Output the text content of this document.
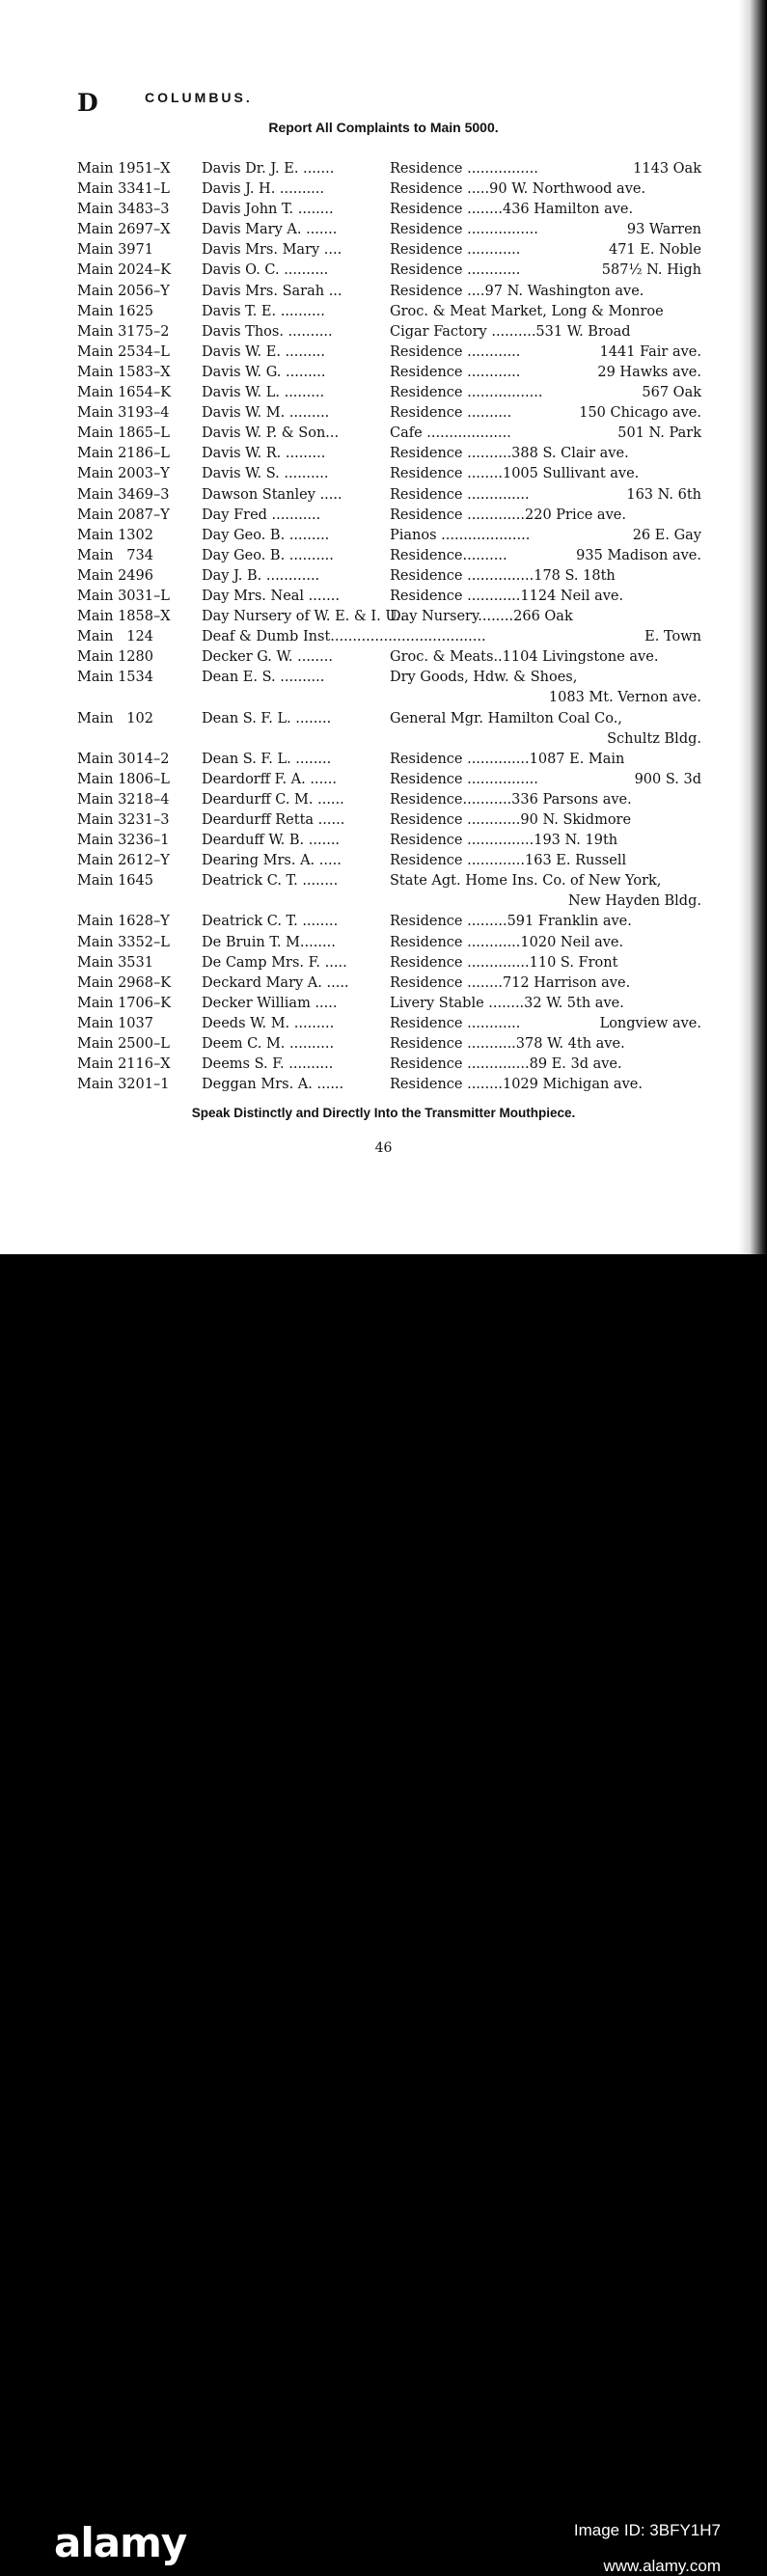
D	COLUMBUS.
Report All Complaints to Main 5000.
Main 1951–X Davis Dr. J. E. .......	Residence ................	1143 Oak
Main 3341–L Davis J. H. ..........	Residence .....90 W. Northwood ave.
Main 3483–3 Davis John T. ........	Residence ........436 Hamilton ave.
Main 2697–X Davis Mary A. .......	Residence ................	93 Warren
Main 3971	Davis Mrs. Mary ....	Residence ............	471 E. Noble
Main 2024–K Davis O. C. ..........	Residence ............	587½ N. High
Main 2056–Y Davis Mrs. Sarah ...	Residence ....97 N. Washington ave.
Main 1625	Davis T. E. ..........	Groc. & Meat Market, Long & Monroe
Main 3175–2 Davis Thos. ..........	Cigar Factory ..........531 W. Broad
Main 2534–L Davis W. E. .........	Residence ............	1441 Fair ave.
Main 1583–X Davis W. G. .........	Residence ............	29 Hawks ave.
Main 1654–K Davis W. L. .........	Residence .................	567 Oak
Main 3193–4 Davis W. M. .........	Residence ..........	150 Chicago ave.
Main 1865–L Davis W. P. & Son...	Cafe ...................	501 N. Park
Main 2186–L Davis W. R. .........	Residence ..........388 S. Clair ave.
Main 2003–Y Davis W. S. ..........	Residence ........1005 Sullivant ave.
Main 3469–3 Dawson Stanley .....	Residence ..............	163 N. 6th
Main 2087–Y Day Fred ...........	Residence .............220 Price ave.
Main 1302	Day Geo. B. .........	Pianos ....................	26 E. Gay
Main   734	Day Geo. B. ..........	Residence..........	935 Madison ave.
Main 2496	Day J. B. ............	Residence ...............178 S. 18th
Main 3031–L Day Mrs. Neal .......	Residence ............1124 Neil ave.
Main 1858–X Day Nursery of W. E. & I. U..
Day Nursery........266 Oak
Main   124	Deaf & Dumb Inst...................................	E. Town
Main 1280	Decker G. W. ........	Groc. & Meats..1104 Livingstone ave.
Main 1534	Dean E. S. ..........	Dry Goods, Hdw. & Shoes,
1083 Mt. Vernon ave.
Main   102	Dean S. F. L. ........	General Mgr. Hamilton Coal Co.,
Schultz Bldg.
Main 3014–2 Dean S. F. L. ........	Residence ..............1087 E. Main
Main 1806–L Deardorff F. A. ......	Residence ................	900 S. 3d
Main 3218–4 Deardurff C. M. ......	Residence...........336 Parsons ave.
Main 3231–3 Deardurff Retta ......	Residence ............90 N. Skidmore
Main 3236–1 Dearduff W. B. .......	Residence ...............193 N. 19th
Main 2612–Y Dearing Mrs. A. .....	Residence .............163 E. Russell
Main 1645	Deatrick C. T. ........	State Agt. Home Ins. Co. of New York,
New Hayden Bldg.
Main 1628–Y Deatrick C. T. ........	Residence .........591 Franklin ave.
Main 3352–L De Bruin T. M........	Residence ............1020 Neil ave.
Main 3531	De Camp Mrs. F. .....	Residence ..............110 S. Front
Main 2968–K Deckard Mary A. .....	Residence ........712 Harrison ave.
Main 1706–K Decker William .....	Livery Stable ........32 W. 5th ave.
Main 1037	Deeds W. M. .........	Residence ............	Longview ave.
Main 2500–L Deem C. M. ..........	Residence ...........378 W. 4th ave.
Main 2116–X Deems S. F. ..........	Residence ..............89 E. 3d ave.
Main 3201–1 Deggan Mrs. A. ......	Residence ........1029 Michigan ave.
Speak Distinctly and Directly Into the Transmitter Mouthpiece.
46
alamy	Image ID: 3BFY1H7
www.alamy.com
